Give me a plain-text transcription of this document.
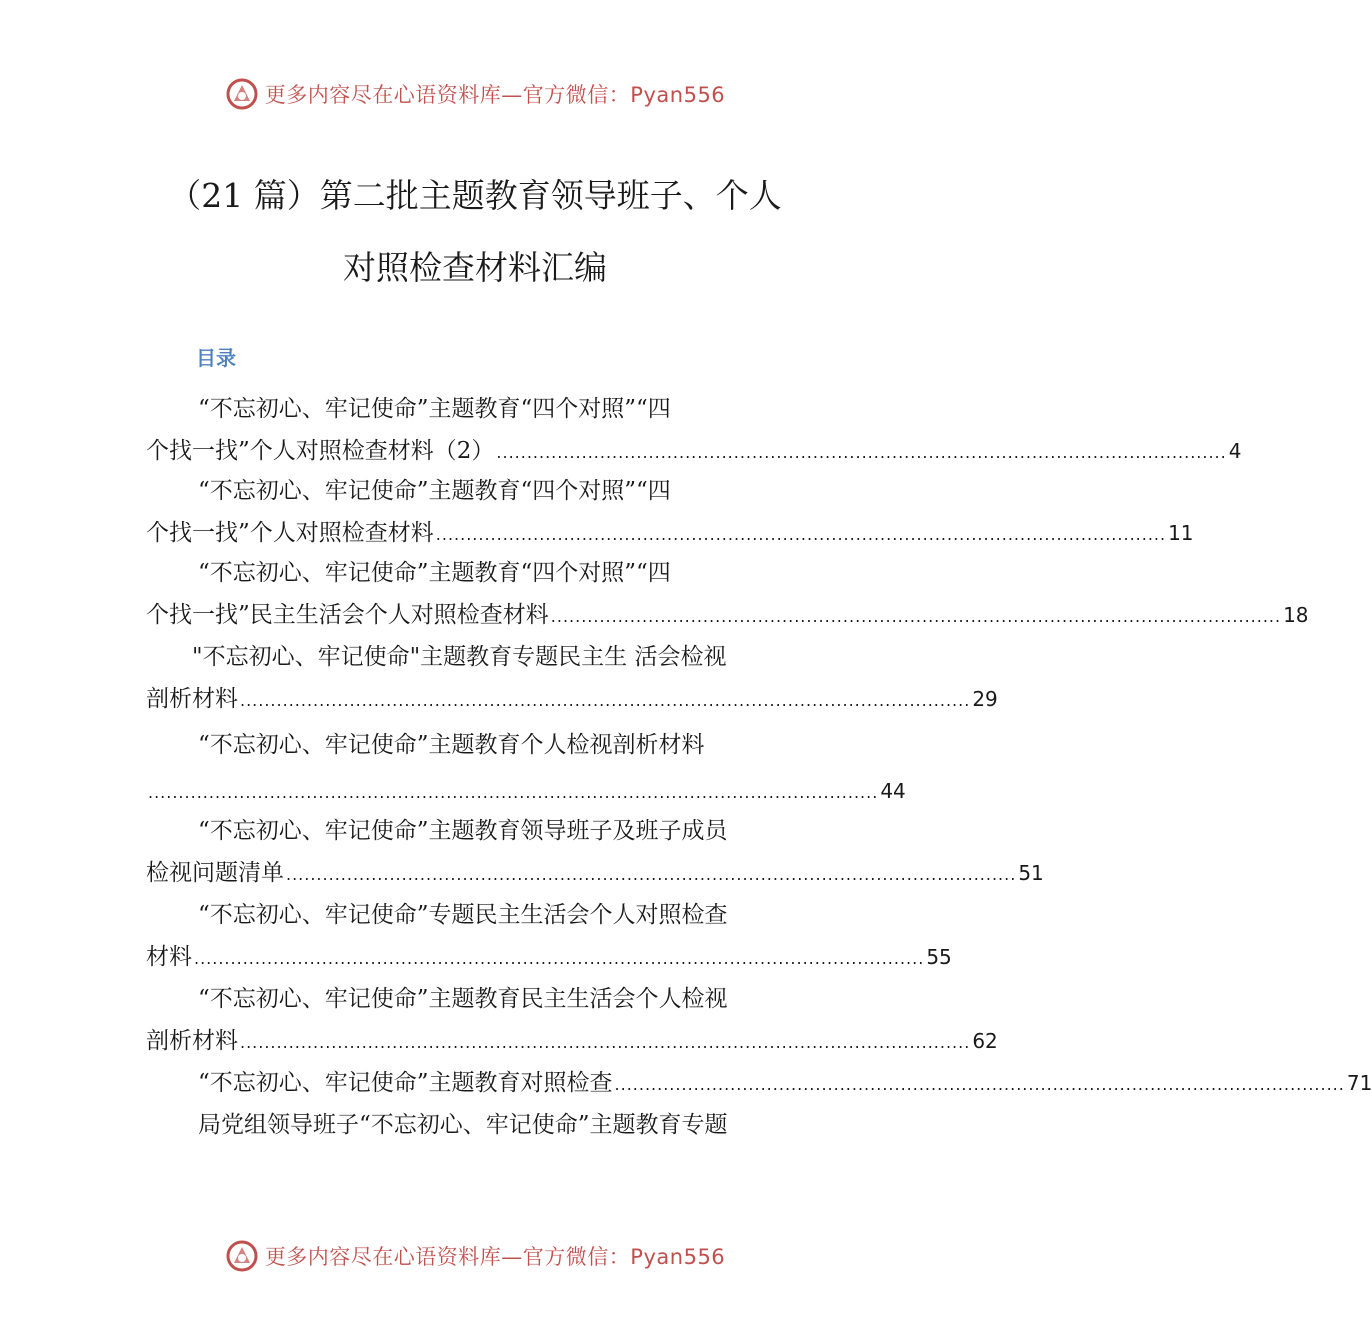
更多内容尽在心语资料库—官方微信：Pyan556
（21 篇）第二批主题教育领导班子、个人
对照检查材料汇编
目录
“不忘初心、牢记使命”主题教育“四个对照”“四
个找一找”个人对照检查材料（2） ........................................................................................................................ 4
“不忘初心、牢记使命”主题教育“四个对照”“四
个找一找”个人对照检查材料 ........................................................................................................................ 11
“不忘初心、牢记使命”主题教育“四个对照”“四
个找一找”民主生活会个人对照检查材料 ........................................................................................................................ 18
"不忘初心、牢记使命"主题教育专题民主生 活会检视
剖析材料 ........................................................................................................................ 29
“不忘初心、牢记使命”主题教育个人检视剖析材料
........................................................................................................................ 44
“不忘初心、牢记使命”主题教育领导班子及班子成员
检视问题清单 ........................................................................................................................ 51
“不忘初心、牢记使命”专题民主生活会个人对照检查
材料 ........................................................................................................................ 55
“不忘初心、牢记使命”主题教育民主生活会个人检视
剖析材料 ........................................................................................................................ 62
“不忘初心、牢记使命”主题教育对照检查 ........................................................................................................................ 71
局党组领导班子“不忘初心、牢记使命”主题教育专题
更多内容尽在心语资料库—官方微信：Pyan556
